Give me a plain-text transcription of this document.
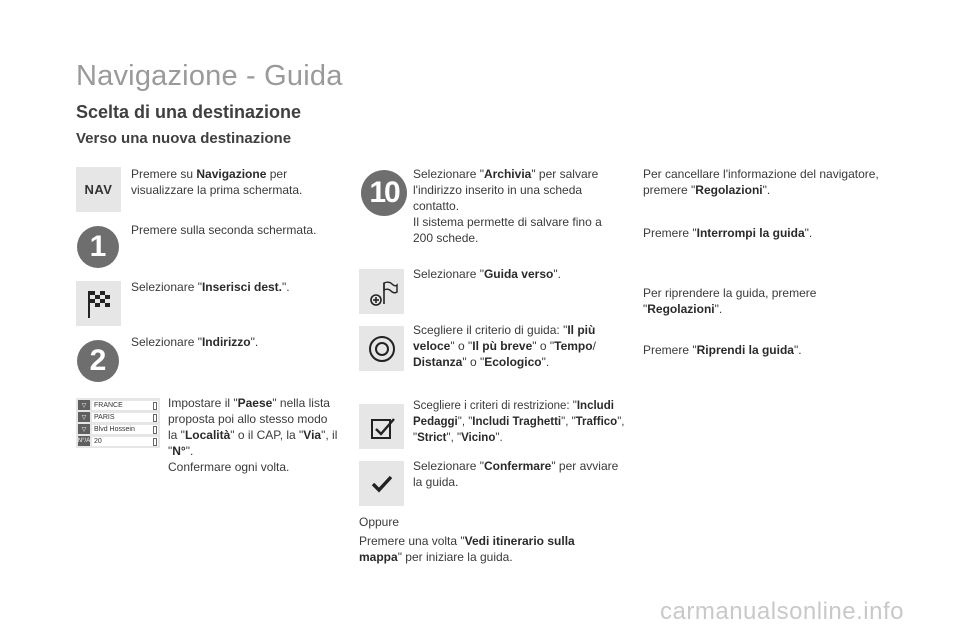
Navigazione - Guida
Scelta di una destinazione
Verso una nuova destinazione
NAV
Premere su Navigazione per visualizzare la prima schermata.
1	Premere sulla seconda schermata.
Selezionare "Inserisci dest.".
2
Selezionare "Indirizzo".
▽	FRANCE
▽	PARIS
▽	Blvd Hossein
N°/A 20
Impostare il "Paese" nella lista proposta poi allo stesso modo la "Località" o il CAP, la "Via", il "N°".
Confermare ogni volta.
10
Selezionare "Archivia" per salvare l'indirizzo inserito in una scheda contatto.
Il sistema permette di salvare fino a 200 schede.
Selezionare "Guida verso".
Scegliere il criterio di guida: "Il più veloce" o "Il pù breve" o "Tempo/ Distanza" o "Ecologico".
Scegliere i criteri di restrizione: "Includi Pedaggi", "Includi Traghetti", "Traffico", "Strict", "Vicino".
Selezionare "Confermare" per avviare la guida.
Oppure
Premere una volta "Vedi itinerario sulla mappa" per iniziare la guida.
Per cancellare l'informazione del navigatore, premere "Regolazioni".
Premere "Interrompi la guida".
Per riprendere la guida, premere "Regolazioni".
Premere "Riprendi la guida".
carmanualsonline.info
